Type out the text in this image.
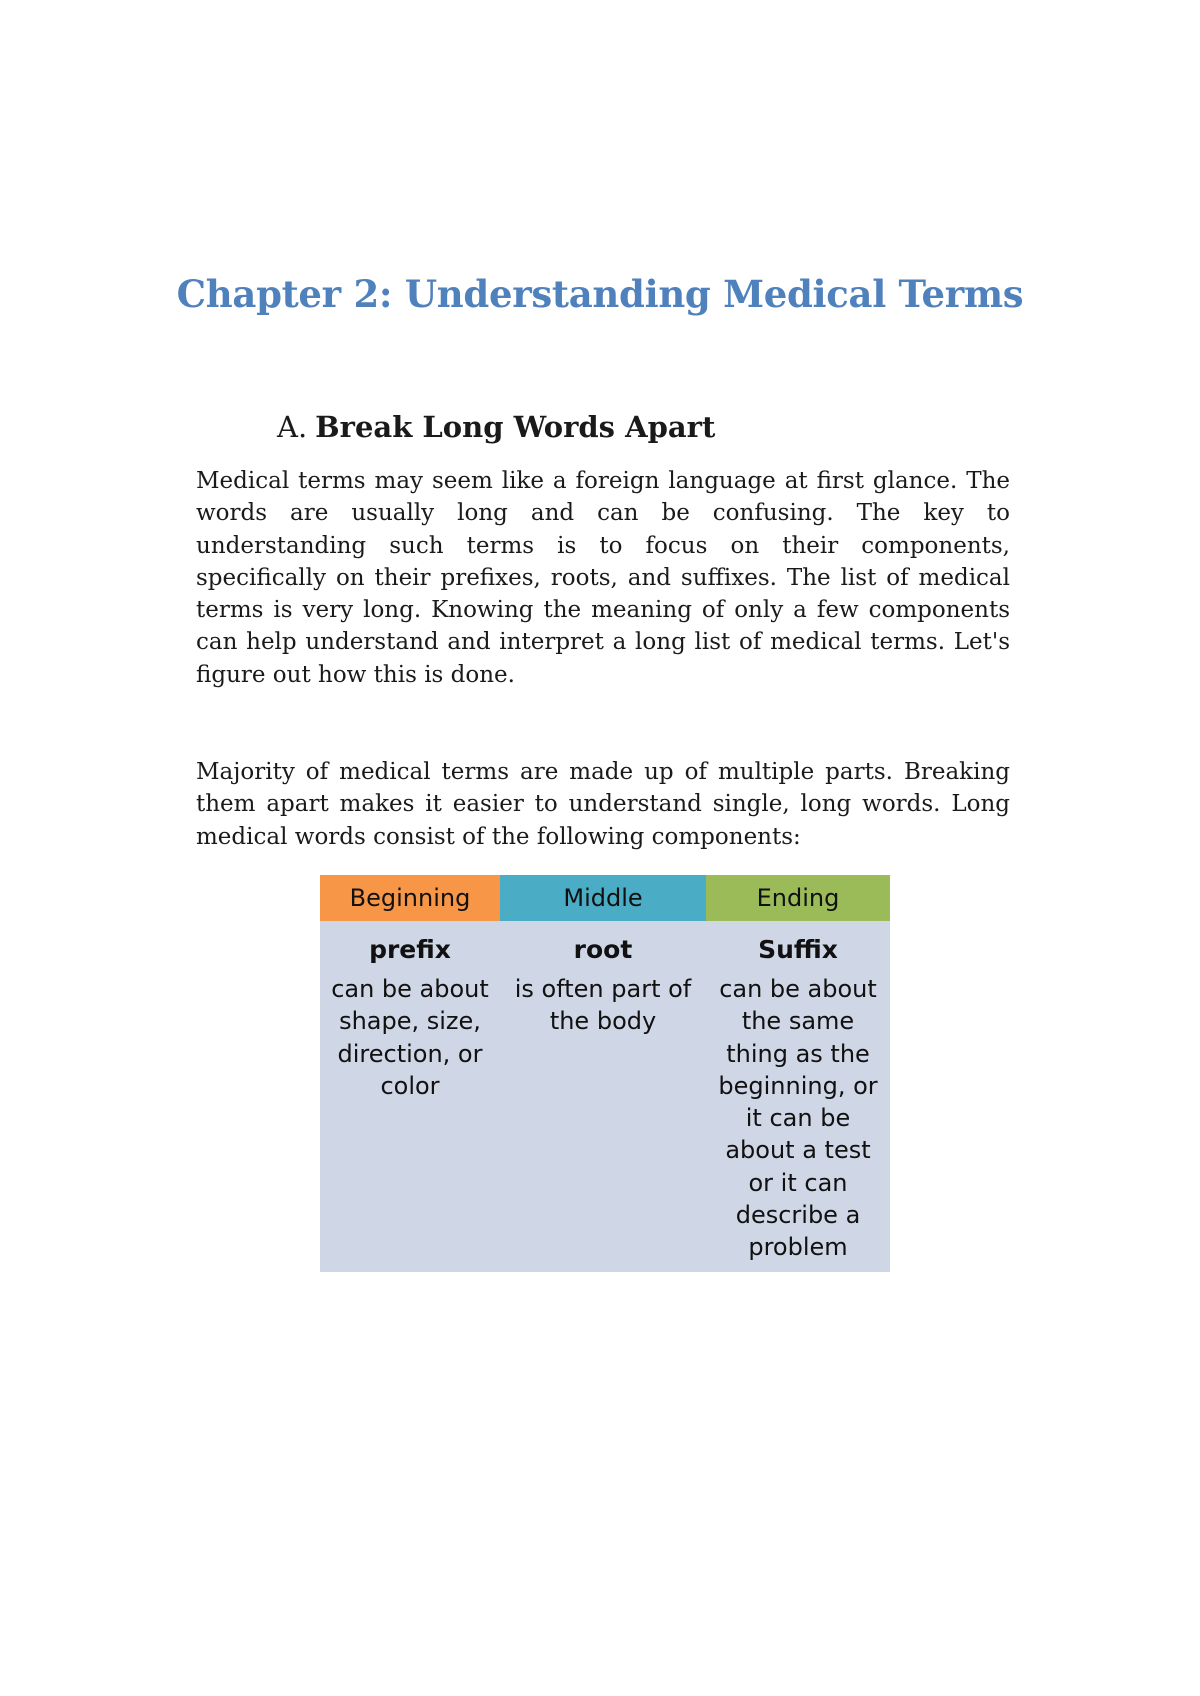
Chapter 2: Understanding Medical Terms
A. Break Long Words Apart

Medical terms may seem like a foreign language at first glance. The words are usually long and can be confusing. The key to understanding such terms is to focus on their components, specifically on their prefixes, roots, and suffixes. The list of medical terms is very long. Knowing the meaning of only a few components can help understand and interpret a long list of medical terms. Let's figure out how this is done.

Majority of medical terms are made up of multiple parts. Breaking them apart makes it easier to understand single, long words. Long medical words consist of the following components:

Beginning	Middle	Ending
prefix	root	Suffix
can be about shape, size, direction, or color	is often part of the body	can be about the same thing as the beginning, or it can be about a test or it can describe a problem
